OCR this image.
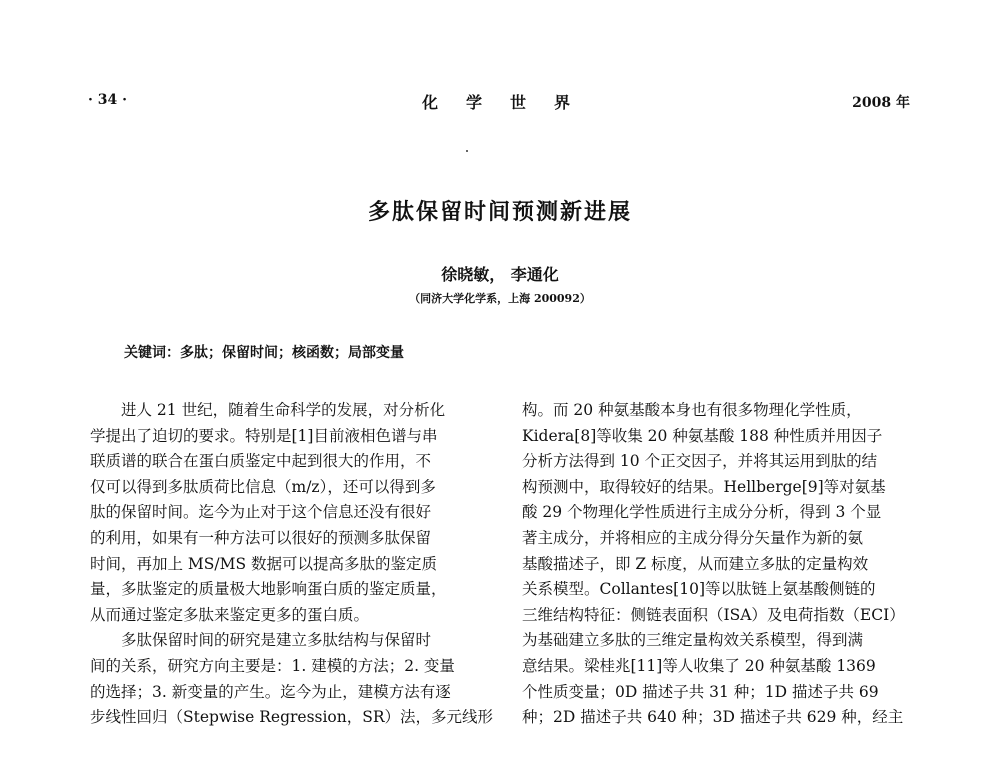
· 34 ·	化学世界	2008 年
多肽保留时间预测新进展
徐晓敏， 李通化
（同济大学化学系，上海 200092）
关键词：多肽；保留时间；核函数；局部变量

进人 21 世纪，随着生命科学的发展，对分析化

学提出了迫切的要求。特别是[1]目前液相色谱与串

联质谱的联合在蛋白质鉴定中起到很大的作用，不

仅可以得到多肽质荷比信息（m/z），还可以得到多

肽的保留时间。迄今为止对于这个信息还没有很好

的利用，如果有一种方法可以很好的预测多肽保留

时间，再加上 MS/MS 数据可以提高多肽的鉴定质

量，多肽鉴定的质量极大地影响蛋白质的鉴定质量，

从而通过鉴定多肽来鉴定更多的蛋白质。

多肽保留时间的研究是建立多肽结构与保留时

间的关系，研究方向主要是：1. 建模的方法；2. 变量

的选择；3. 新变量的产生。迄今为止，建模方法有逐

步线性回归（Stepwise Regression，SR）法，多元线形

构。而 20 种氨基酸本身也有很多物理化学性质，

Kidera[8]等收集 20 种氨基酸 188 种性质并用因子

分析方法得到 10 个正交因子，并将其运用到肽的结

构预测中，取得较好的结果。Hellberge[9]等对氨基

酸 29 个物理化学性质进行主成分分析，得到 3 个显

著主成分，并将相应的主成分得分矢量作为新的氨

基酸描述子，即 Z 标度，从而建立多肽的定量构效

关系模型。Collantes[10]等以肽链上氨基酸侧链的

三维结构特征：侧链表面积（ISA）及电荷指数（ECI）

为基础建立多肽的三维定量构效关系模型，得到满

意结果。梁桂兆[11]等人收集了 20 种氨基酸 1369

个性质变量；0D 描述子共 31 种；1D 描述子共 69

种；2D 描述子共 640 种；3D 描述子共 629 种，经主
